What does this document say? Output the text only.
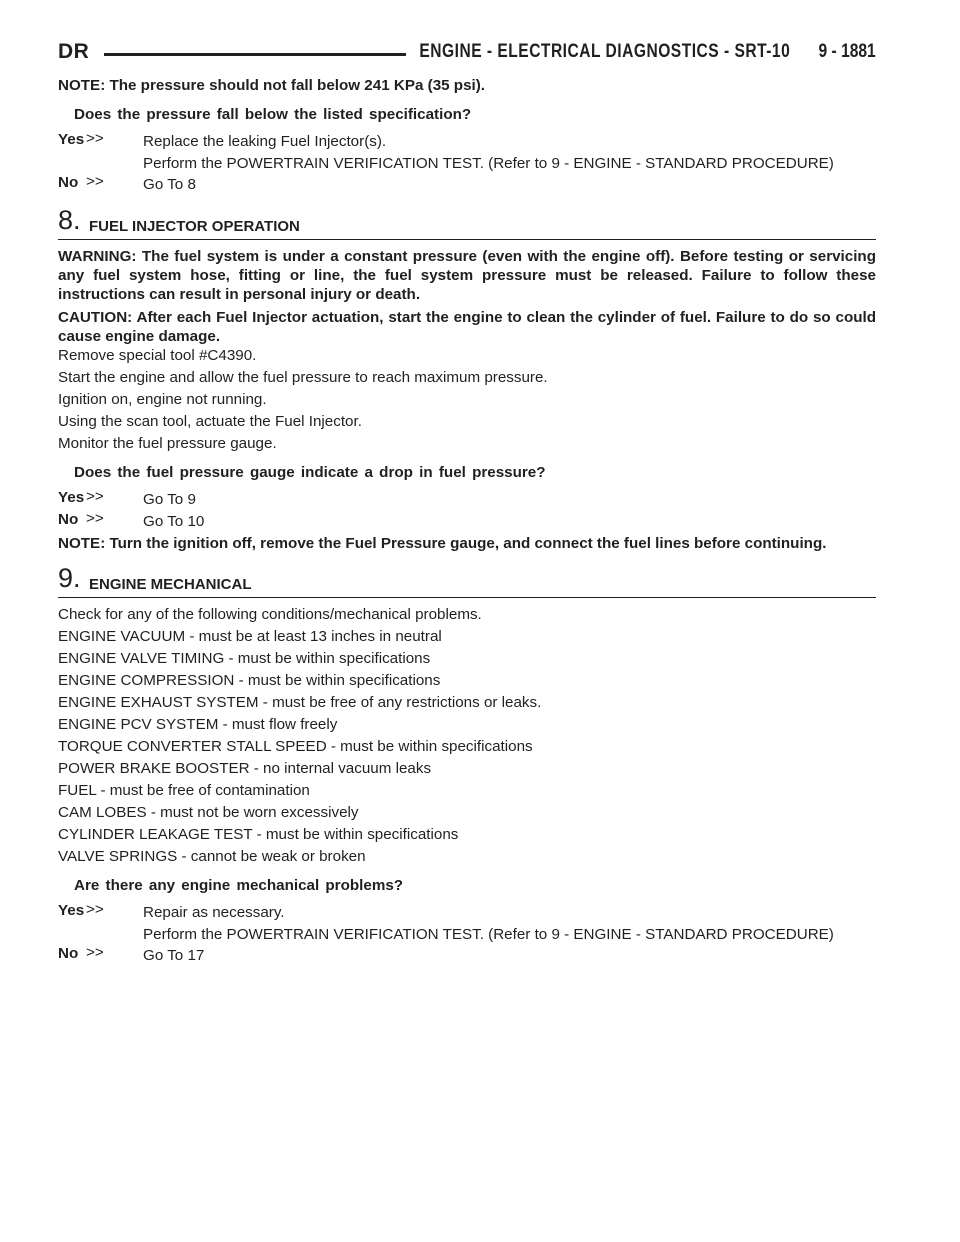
DR	ENGINE - ELECTRICAL DIAGNOSTICS - SRT-10 9 - 1881

NOTE: The pressure should not fall below 241 KPa (35 psi).

Does the pressure fall below the listed specification?

Yes >>	Replace the leaking Fuel Injector(s).
Perform the POWERTRAIN VERIFICATION TEST. (Refer to 9 - ENGINE - STANDARD PROCEDURE)
No >>	Go To 8
8. FUEL INJECTOR OPERATION

WARNING: The fuel system is under a constant pressure (even with the engine off). Before testing or servicing any fuel system hose, fitting or line, the fuel system pressure must be released. Failure to follow these instructions can result in personal injury or death.

CAUTION: After each Fuel Injector actuation, start the engine to clean the cylinder of fuel. Failure to do so could cause engine damage.

Remove special tool #C4390.

Start the engine and allow the fuel pressure to reach maximum pressure.

Ignition on, engine not running.

Using the scan tool, actuate the Fuel Injector.

Monitor the fuel pressure gauge.

Does the fuel pressure gauge indicate a drop in fuel pressure?

Yes >>	Go To 9
No >>	Go To 10

NOTE: Turn the ignition off, remove the Fuel Pressure gauge, and connect the fuel lines before continuing.

9. ENGINE MECHANICAL

Check for any of the following conditions/mechanical problems.

ENGINE VACUUM - must be at least 13 inches in neutral

ENGINE VALVE TIMING - must be within specifications

ENGINE COMPRESSION - must be within specifications

ENGINE EXHAUST SYSTEM - must be free of any restrictions or leaks.

ENGINE PCV SYSTEM - must flow freely

TORQUE CONVERTER STALL SPEED - must be within specifications

POWER BRAKE BOOSTER - no internal vacuum leaks

FUEL - must be free of contamination

CAM LOBES - must not be worn excessively

CYLINDER LEAKAGE TEST - must be within specifications

VALVE SPRINGS - cannot be weak or broken

Are there any engine mechanical problems?

Yes >>	Repair as necessary.
Perform the POWERTRAIN VERIFICATION TEST. (Refer to 9 - ENGINE - STANDARD PROCEDURE)
No >>	Go To 17
